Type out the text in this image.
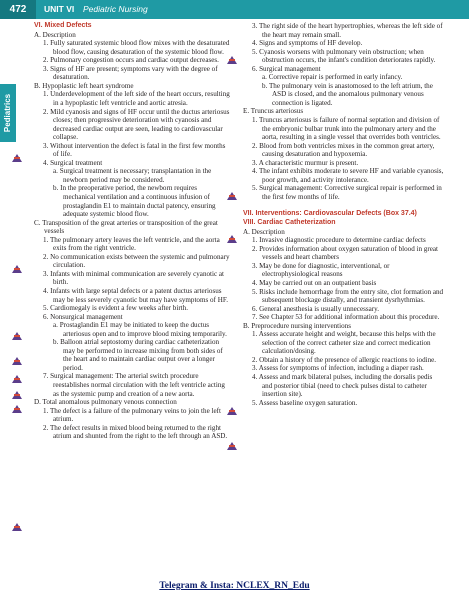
472	UNIT VI Pediatric Nursing
Pediatrics
VI. Mixed Defects
A. Description
1. Fully saturated systemic blood flow mixes with the desaturated blood flow, causing desaturation of the systemic blood flow.
2. Pulmonary congestion occurs and cardiac output decreases.
3. Signs of HF are present; symptoms vary with the degree of desaturation.
B. Hypoplastic left heart syndrome
1. Underdevelopment of the left side of the heart occurs, resulting in a hypoplastic left ventricle and aortic atresia.
2. Mild cyanosis and signs of HF occur until the ductus arteriosus closes; then progressive deterioration with cyanosis and decreased cardiac output are seen, leading to cardiovascular collapse.
3. Without intervention the defect is fatal in the first few months of life.
4. Surgical treatment
a. Surgical treatment is necessary; transplantation in the newborn period may be considered.
b. In the preoperative period, the newborn requires mechanical ventilation and a continuous infusion of prostaglandin E1 to maintain ductal patency, ensuring adequate systemic blood flow.
C. Transposition of the great arteries or transposition of the great vessels
1. The pulmonary artery leaves the left ventricle, and the aorta exits from the right ventricle.
2. No communication exists between the systemic and pulmonary circulation.
3. Infants with minimal communication are severely cyanotic at birth.
4. Infants with large septal defects or a patent ductus arteriosus may be less severely cyanotic but may have symptoms of HF.
5. Cardiomegaly is evident a few weeks after birth.
6. Nonsurgical management
a. Prostaglandin E1 may be initiated to keep the ductus arteriosus open and to improve blood mixing temporarily.
b. Balloon atrial septostomy during cardiac catheterization may be performed to increase mixing from both sides of the heart and to maintain cardiac output over a longer period.
7. Surgical management: The arterial switch procedure reestablishes normal circulation with the left ventricle acting as the systemic pump and creation of a new aorta.
D. Total anomalous pulmonary venous connection
1. The defect is a failure of the pulmonary veins to join the left atrium.
2. The defect results in mixed blood being returned to the right atrium and shunted from the right to the left through an ASD.
3. The right side of the heart hypertrophies, whereas the left side of the heart may remain small.
4. Signs and symptoms of HF develop.
5. Cyanosis worsens with pulmonary vein obstruction; when obstruction occurs, the infant's condition deteriorates rapidly.
6. Surgical management
a. Corrective repair is performed in early infancy.
b. The pulmonary vein is anastomosed to the left atrium, the ASD is closed, and the anomalous pulmonary venous connection is ligated.
E. Truncus arteriosus
1. Truncus arteriosus is failure of normal septation and division of the embryonic bulbar trunk into the pulmonary artery and the aorta, resulting in a single vessel that overrides both ventricles.
2. Blood from both ventricles mixes in the common great artery, causing desaturation and hypoxemia.
3. A characteristic murmur is present.
4. The infant exhibits moderate to severe HF and variable cyanosis, poor growth, and activity intolerance.
5. Surgical management: Corrective surgical repair is performed in the first few months of life.
VII. Interventions: Cardiovascular Defects (Box 37.4)
VIII. Cardiac Catheterization
A. Description
1. Invasive diagnostic procedure to determine cardiac defects
2. Provides information about oxygen saturation of blood in great vessels and heart chambers
3. May be done for diagnostic, interventional, or electrophysiological reasons
4. May be carried out on an outpatient basis
5. Risks include hemorrhage from the entry site, clot formation and subsequent blockage distally, and transient dysrhythmias.
6. General anesthesia is usually unnecessary.
7. See Chapter 53 for additional information about this procedure.
B. Preprocedure nursing interventions
1. Assess accurate height and weight, because this helps with the selection of the correct catheter size and correct medication calculation/dosing.
2. Obtain a history of the presence of allergic reactions to iodine.
3. Assess for symptoms of infection, including a diaper rash.
4. Assess and mark bilateral pulses, including the dorsalis pedis and posterior tibial (need to check pulses distal to catheter insertion site).
5. Assess baseline oxygen saturation.
Telegram & Insta: NCLEX_RN_Edu
